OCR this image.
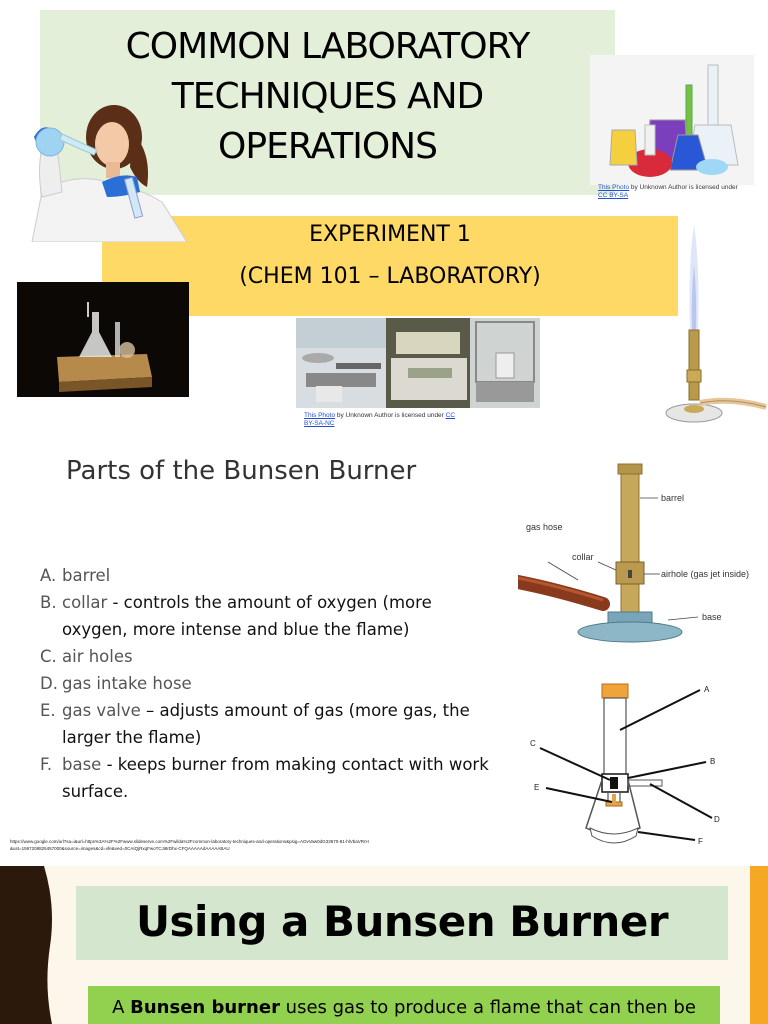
COMMON LABORATORY
TECHNIQUES AND
OPERATIONS
EXPERIMENT 1
(CHEM 101 – LABORATORY)
This Photo by Unknown Author is licensed under CC BY-SA
This Photo by Unknown Author is licensed under CC BY-SA-NC
Parts of the Bunsen Burner
A. barrel
B. collar - controls the amount of oxygen (more oxygen, more intense and blue the flame)
C. air holes
D. gas intake hose
E. gas valve – adjusts amount of gas (more gas, the larger the flame)
F. base - keeps burner from making contact with work surface.
barrel
gas hose
collar
airhole (gas jet inside)
base
A
C
B
E
D
F
https://www.google.com/url?sa=i&url=https%3A%2F%2Fwww.slideserve.com%2Fwilda%2Fcommon-laboratory-techniques-and-operations&psig=AOvVaw0dG33670-81-hlVbaVRrH&ust=1597208825457000&source=images&cd=vfe&ved=0CAIQjRxqFwoTCJi8rDhx-CFQAAAAAdAAAAABAU
Using a Bunsen Burner
A Bunsen burner uses gas to produce a flame that can then be
